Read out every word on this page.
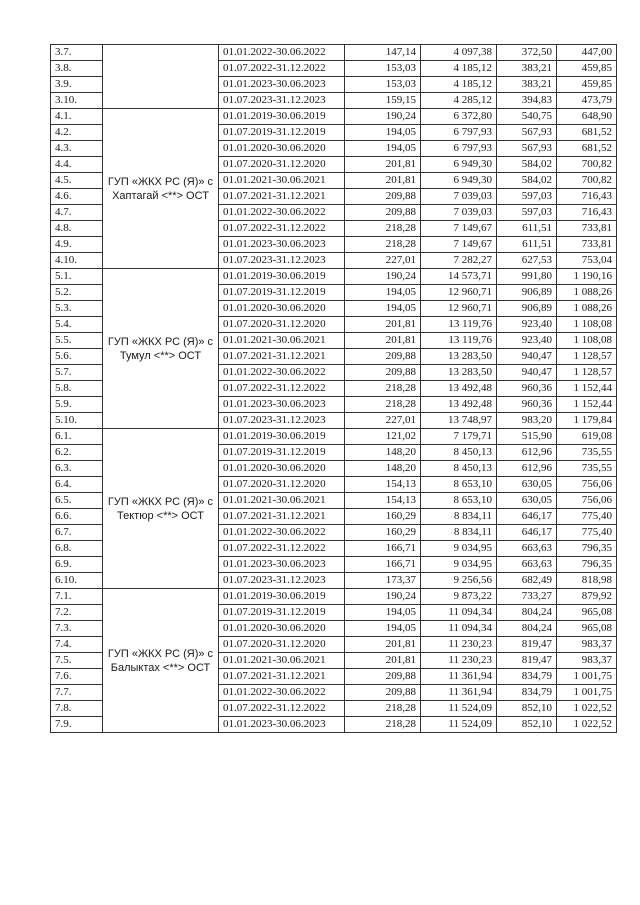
3.7.		01.01.2022-30.06.2022	147,14	4 097,38	372,50	447,00
3.8.		01.07.2022-31.12.2022	153,03	4 185,12	383,21	459,85
3.9.		01.01.2023-30.06.2023	153,03	4 185,12	383,21	459,85
3.10.		01.07.2023-31.12.2023	159,15	4 285,12	394,83	473,79
4.1.	ГУП «ЖКХ РС (Я)» с Хаптагай <**> ОСТ	01.01.2019-30.06.2019	190,24	6 372,80	540,75	648,90
4.2.		01.07.2019-31.12.2019	194,05	6 797,93	567,93	681,52
4.3.		01.01.2020-30.06.2020	194,05	6 797,93	567,93	681,52
4.4.		01.07.2020-31.12.2020	201,81	6 949,30	584,02	700,82
4.5.		01.01.2021-30.06.2021	201,81	6 949,30	584,02	700,82
4.6.		01.07.2021-31.12.2021	209,88	7 039,03	597,03	716,43
4.7.		01.01.2022-30.06.2022	209,88	7 039,03	597,03	716,43
4.8.		01.07.2022-31.12.2022	218,28	7 149,67	611,51	733,81
4.9.		01.01.2023-30.06.2023	218,28	7 149,67	611,51	733,81
4.10.		01.07.2023-31.12.2023	227,01	7 282,27	627,53	753,04
5.1.	ГУП «ЖКХ РС (Я)» с Тумул <**> ОСТ	01.01.2019-30.06.2019	190,24	14 573,71	991,80	1 190,16
5.2.		01.07.2019-31.12.2019	194,05	12 960,71	906,89	1 088,26
5.3.		01.01.2020-30.06.2020	194,05	12 960,71	906,89	1 088,26
5.4.		01.07.2020-31.12.2020	201,81	13 119,76	923,40	1 108,08
5.5.		01.01.2021-30.06.2021	201,81	13 119,76	923,40	1 108,08
5.6.		01.07.2021-31.12.2021	209,88	13 283,50	940,47	1 128,57
5.7.		01.01.2022-30.06.2022	209,88	13 283,50	940,47	1 128,57
5.8.		01.07.2022-31.12.2022	218,28	13 492,48	960,36	1 152,44
5.9.		01.01.2023-30.06.2023	218,28	13 492,48	960,36	1 152,44
5.10.		01.07.2023-31.12.2023	227,01	13 748,97	983,20	1 179,84
6.1.	ГУП «ЖКХ РС (Я)» с Тектюр <**> ОСТ	01.01.2019-30.06.2019	121,02	7 179,71	515,90	619,08
6.2.		01.07.2019-31.12.2019	148,20	8 450,13	612,96	735,55
6.3.		01.01.2020-30.06.2020	148,20	8 450,13	612,96	735,55
6.4.		01.07.2020-31.12.2020	154,13	8 653,10	630,05	756,06
6.5.		01.01.2021-30.06.2021	154,13	8 653,10	630,05	756,06
6.6.		01.07.2021-31.12.2021	160,29	8 834,11	646,17	775,40
6.7.		01.01.2022-30.06.2022	160,29	8 834,11	646,17	775,40
6.8.		01.07.2022-31.12.2022	166,71	9 034,95	663,63	796,35
6.9.		01.01.2023-30.06.2023	166,71	9 034,95	663,63	796,35
6.10.		01.07.2023-31.12.2023	173,37	9 256,56	682,49	818,98
7.1.	ГУП «ЖКХ РС (Я)» с Балыктах <**> ОСТ	01.01.2019-30.06.2019	190,24	9 873,22	733,27	879,92
7.2.		01.07.2019-31.12.2019	194,05	11 094,34	804,24	965,08
7.3.		01.01.2020-30.06.2020	194,05	11 094,34	804,24	965,08
7.4.		01.07.2020-31.12.2020	201,81	11 230,23	819,47	983,37
7.5.		01.01.2021-30.06.2021	201,81	11 230,23	819,47	983,37
7.6.		01.07.2021-31.12.2021	209,88	11 361,94	834,79	1 001,75
7.7.		01.01.2022-30.06.2022	209,88	11 361,94	834,79	1 001,75
7.8.		01.07.2022-31.12.2022	218,28	11 524,09	852,10	1 022,52
7.9.		01.01.2023-30.06.2023	218,28	11 524,09	852,10	1 022,52
